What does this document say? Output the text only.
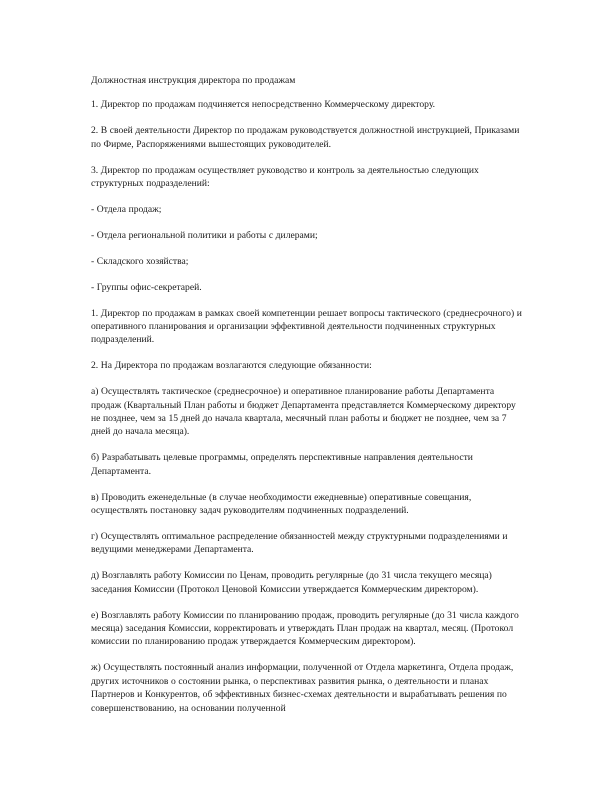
Должностная инструкция директора по продажам

1. Директор по продажам подчиняется непосредственно Коммерческому директору.

2. В своей деятельности Директор по продажам руководствуется должностной инструкцией, Приказами по Фирме, Распоряжениями вышестоящих руководителей.

3. Директор по продажам осуществляет руководство и контроль за деятельностью следующих структурных подразделений:

- Отдела продаж;

- Отдела региональной политики и работы с дилерами;

- Складского хозяйства;

- Группы офис-секретарей.

1. Директор по продажам в рамках своей компетенции решает вопросы тактического (среднесрочного) и оперативного планирования и организации эффективной деятельности подчиненных структурных подразделений.

2. На Директора по продажам возлагаются следующие обязанности:

а) Осуществлять тактическое (среднесрочное) и оперативное планирование работы Департамента продаж (Квартальный План работы и бюджет Департамента представляется Коммерческому директору не позднее, чем за 15 дней до начала квартала, месячный план работы и бюджет не позднее, чем за 7 дней до начала месяца).

б) Разрабатывать целевые программы, определять перспективные направления деятельности Департамента.

в) Проводить еженедельные (в случае необходимости ежедневные) оперативные совещания, осуществлять постановку задач руководителям подчиненных подразделений.

г) Осуществлять оптимальное распределение обязанностей между структурными подразделениями и ведущими менеджерами Департамента.

д) Возглавлять работу Комиссии по Ценам, проводить регулярные (до 31 числа текущего месяца) заседания Комиссии (Протокол Ценовой Комиссии утверждается Коммерческим директором).

е) Возглавлять работу Комиссии по планированию продаж, проводить регулярные (до 31 числа каждого месяца) заседания Комиссии, корректировать и утверждать План продаж на квартал, месяц. (Протокол комиссии по планированию продаж утверждается Коммерческим директором).

ж) Осуществлять постоянный анализ информации, полученной от Отдела маркетинга, Отдела продаж, других источников о состоянии рынка, о перспективах развития рынка, о деятельности и планах Партнеров и Конкурентов, об эффективных бизнес-схемах деятельности и вырабатывать решения по совершенствованию, на основании полученной
